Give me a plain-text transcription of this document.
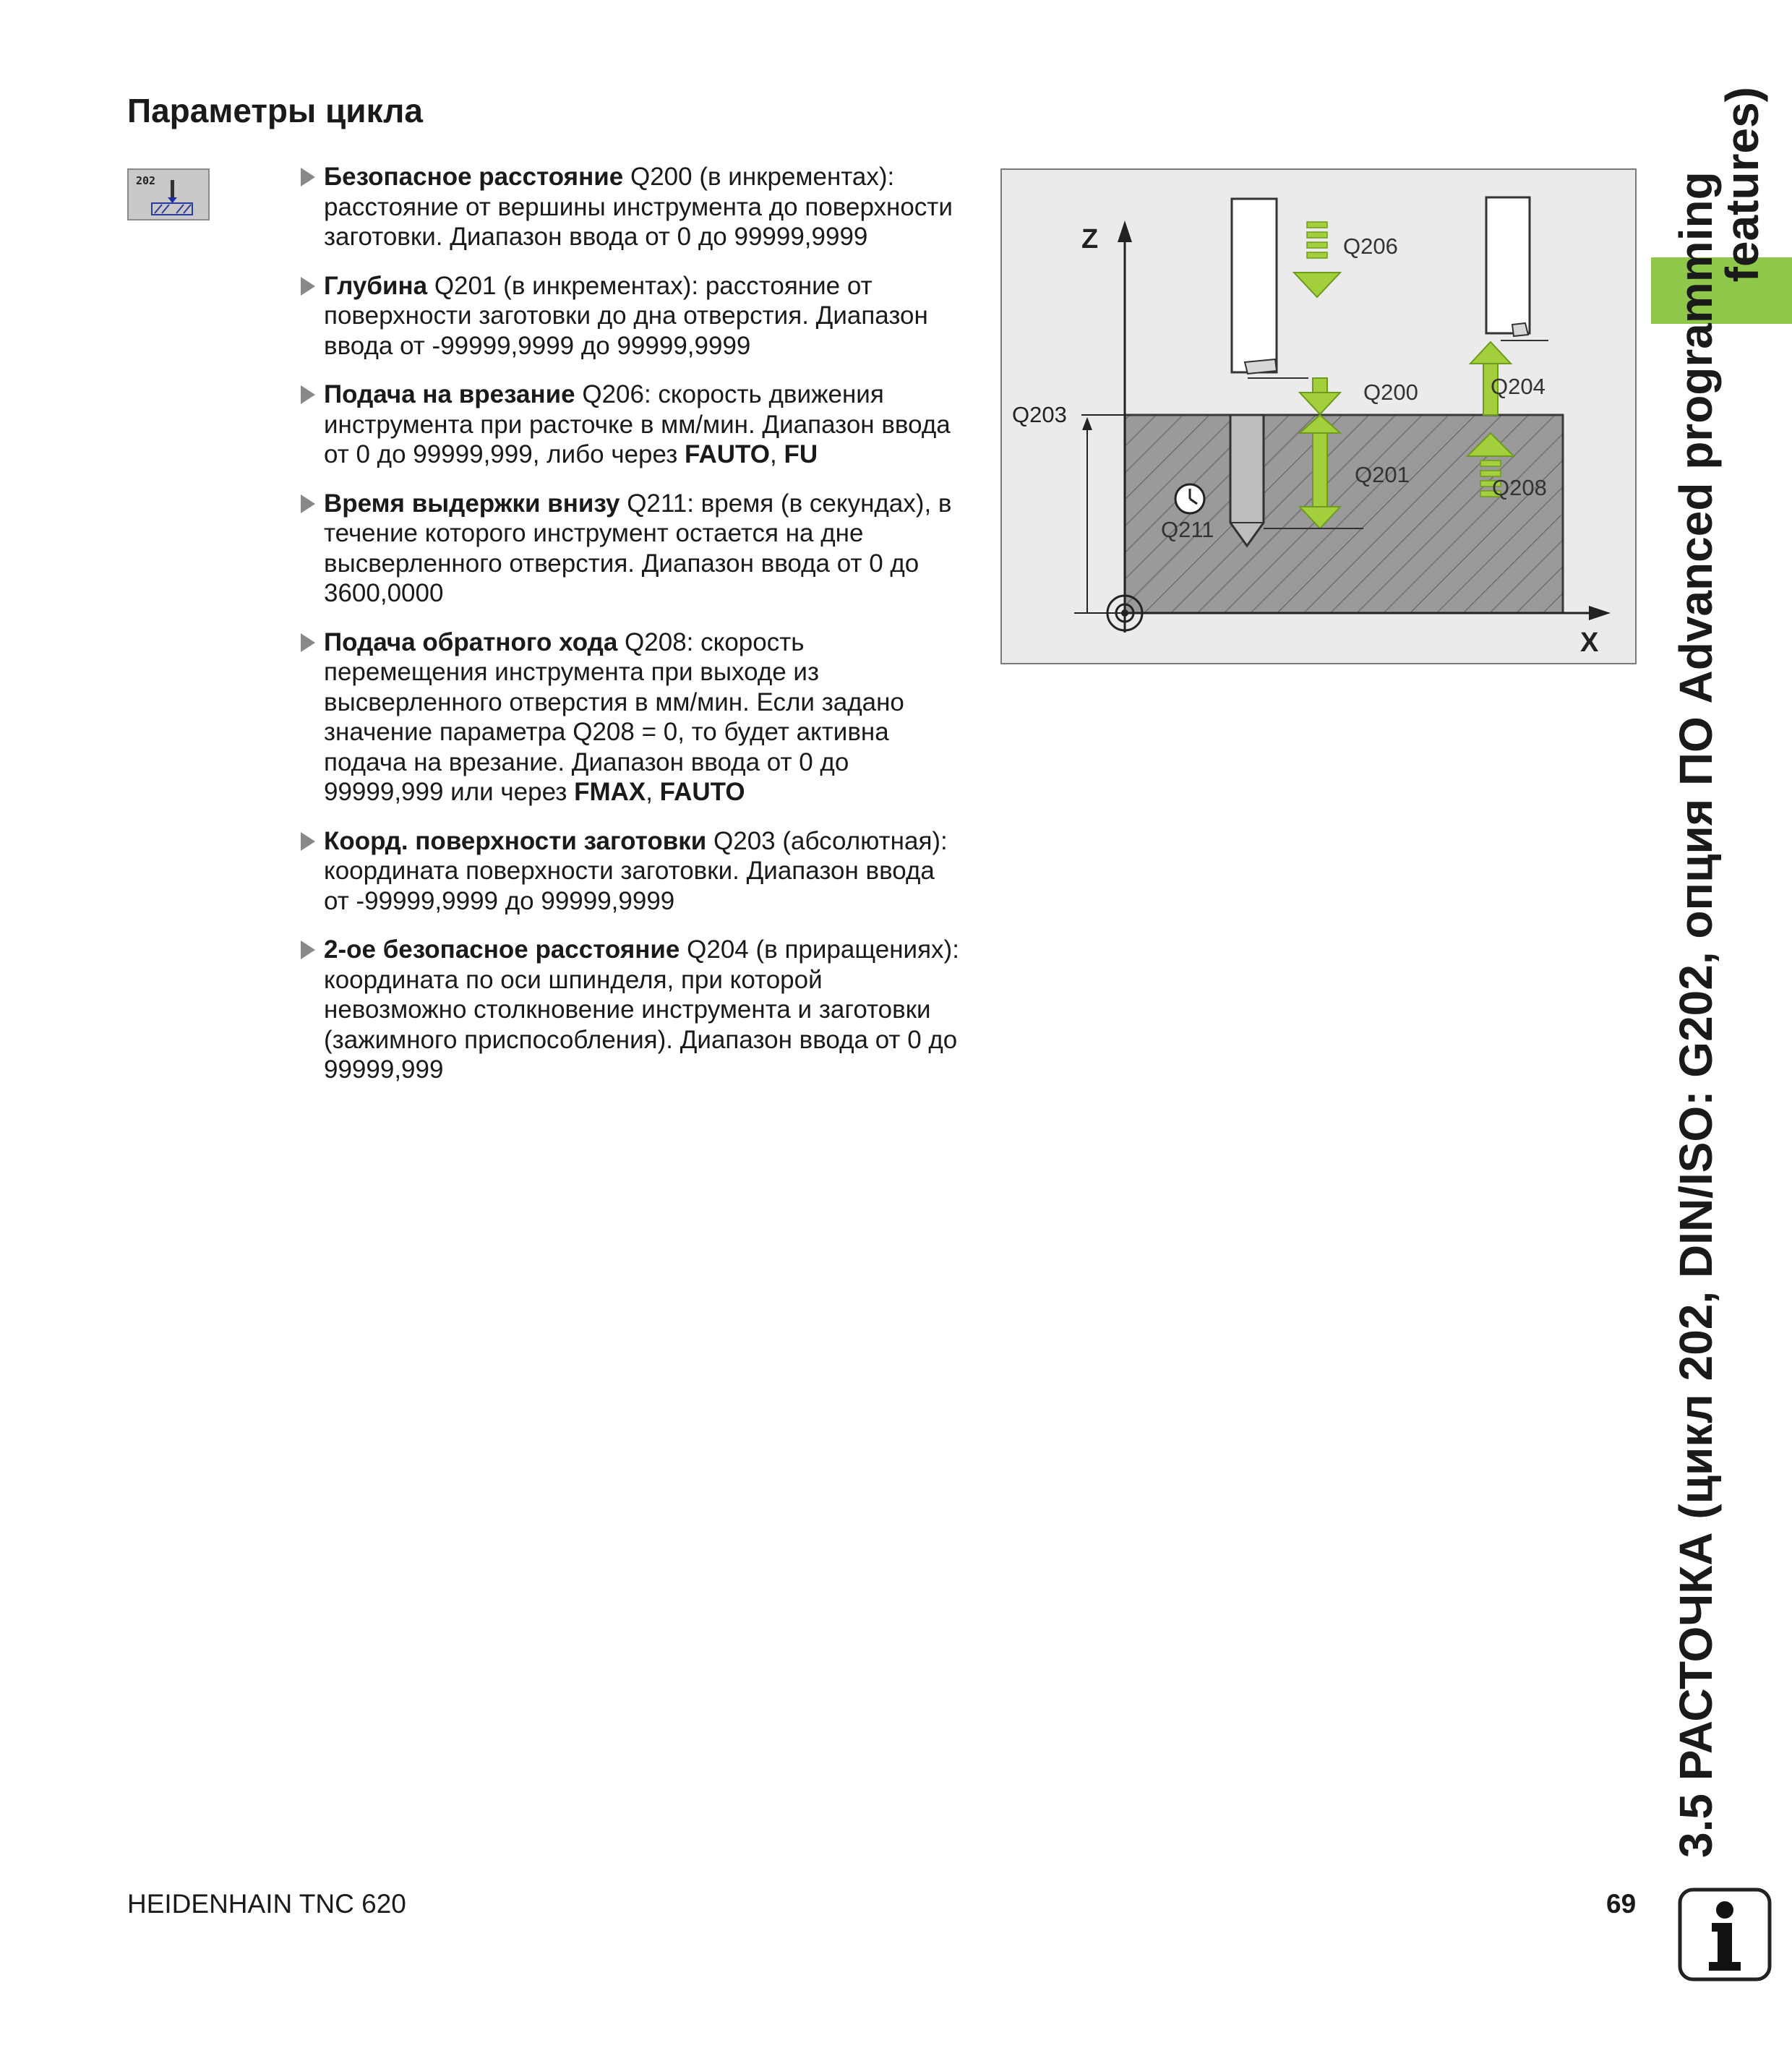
Параметры цикла
202	Безопасное расстояние Q200 (в инкрементах): расстояние от вершины инструмента до поверхности заготовки. Диапазон ввода от 0 до 99999,9999
Глубина Q201 (в инкрементах): расстояние от поверхности заготовки до дна отверстия. Диапазон ввода от -99999,9999 до 99999,9999
Подача на врезание Q206: скорость движения инструмента при расточке в мм/мин. Диапазон ввода от 0 до 99999,999, либо через FAUTO, FU
Время выдержки внизу Q211: время (в секундах), в течение которого инструмент остается на дне высверленного отверстия. Диапазон ввода от 0 до 3600,0000
Подача обратного хода Q208: скорость перемещения инструмента при выходе из высверленного отверстия в мм/мин. Если задано значение параметра Q208 = 0, то будет активна подача на врезание. Диапазон ввода от 0 до 99999,999 или через FMAX, FAUTO
Коорд. поверхности заготовки Q203 (абсолютная): координата поверхности заготовки. Диапазон ввода от -99999,9999 до 99999,9999
2-ое безопасное расстояние Q204 (в приращениях): координата по оси шпинделя, при которой невозможно столкновение инструмента и заготовки (зажимного приспособления). Диапазон ввода от 0 до 99999,999
Z
X
Q203
Q206
Q200
Q201
Q204
Q208
Q211	3.5 РАСТОЧКА (цикл 202, DIN/ISO: G202, опция ПО Advanced programming
features)
HEIDENHAIN TNC 620	69
